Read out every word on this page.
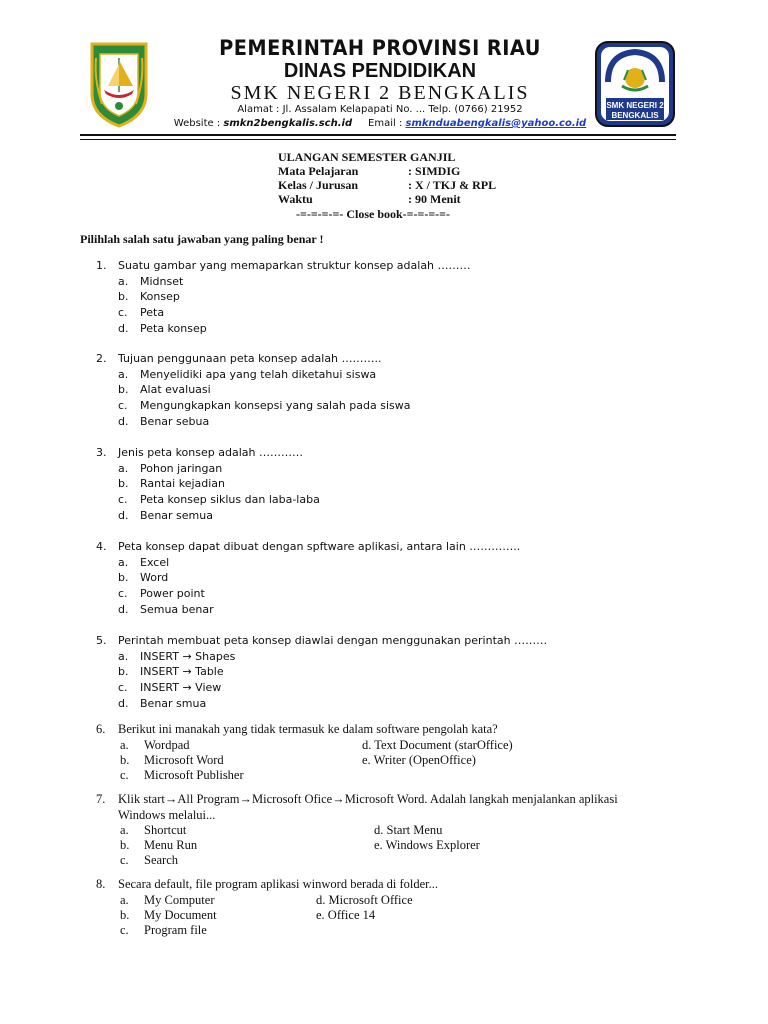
SMK NEGERI 2
BENGKALIS
PEMERINTAH PROVINSI RIAU
DINAS PENDIDIKAN
SMK NEGERI 2 BENGKALIS
Alamat : Jl. Assalam Kelapapati No. ... Telp. (0766) 21952
Website : smkn2bengkalis.sch.id Email : smknduabengkalis@yahoo.co.id
ULANGAN SEMESTER GANJIL
Mata Pelajaran	: SIMDIG
Kelas / Jurusan	: X / TKJ & RPL
Waktu	: 90 Menit
-=-=-=-=- Close book-=-=-=-=-
Pilihlah salah satu jawaban yang paling benar !
1. Suatu gambar yang memaparkan struktur konsep adalah ………
a. Midnset
b. Konsep
c. Peta
d. Peta konsep
2. Tujuan penggunaan peta konsep adalah ………..
a. Menyelidiki apa yang telah diketahui siswa
b. Alat evaluasi
c. Mengungkapkan konsepsi yang salah pada siswa
d. Benar sebua
3. Jenis peta konsep adalah …………
a. Pohon jaringan
b. Rantai kejadian
c. Peta konsep siklus dan laba-laba
d. Benar semua
4. Peta konsep dapat dibuat dengan spftware aplikasi, antara lain …………..
a. Excel
b. Word
c. Power point
d. Semua benar
5. Perintah membuat peta konsep diawlai dengan menggunakan perintah ………
a. INSERT → Shapes
b. INSERT → Table
c. INSERT → View
d. Benar smua
6. Berikut ini manakah yang tidak termasuk ke dalam software pengolah kata?
a. Wordpad	d. Text Document (starOffice)
b. Microsoft Word	e. Writer (OpenOffice)
c. Microsoft Publisher
7. Klik start→All Program→Microsoft Ofice→Microsoft Word. Adalah langkah menjalankan aplikasi
Windows melalui...
a. Shortcut	d. Start Menu
b. Menu Run	e. Windows Explorer
c. Search
8. Secara default, file program aplikasi winword berada di folder...
a. My Computer	d. Microsoft Office
b. My Document	e. Office 14
c. Program file
